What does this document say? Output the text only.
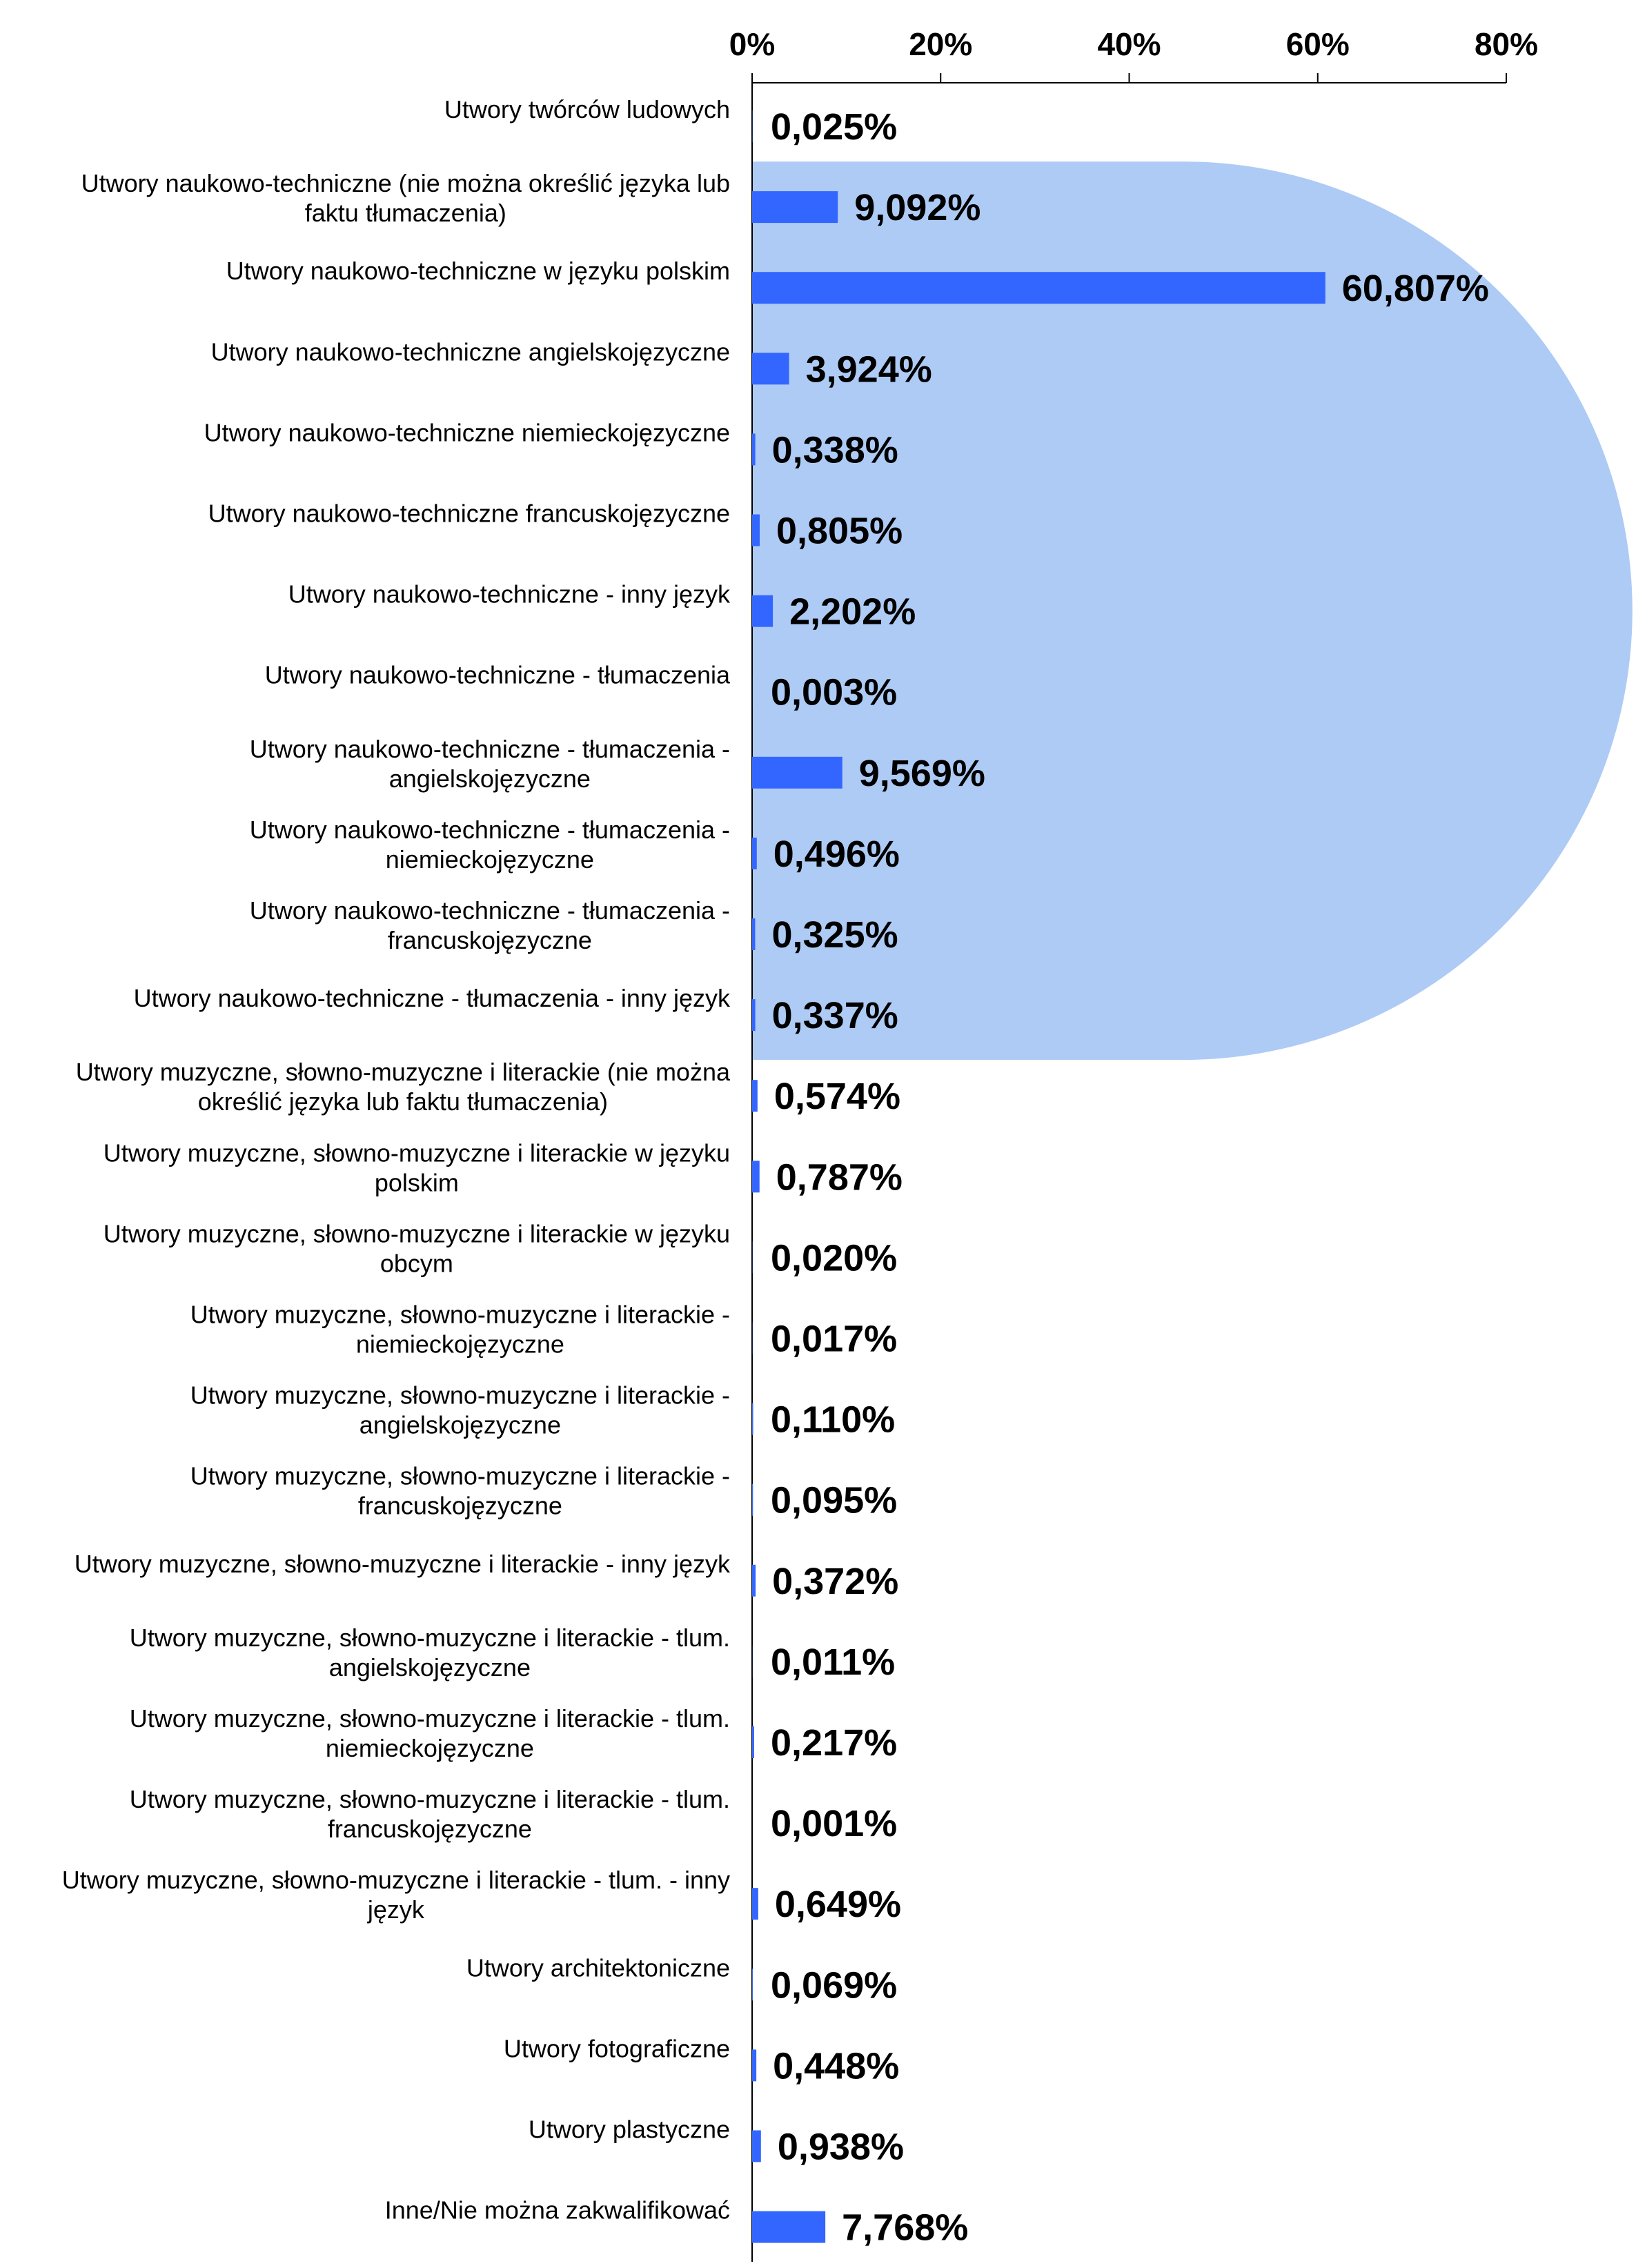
0%	20%	40%	60%	80%
Utwory twórców ludowych
Utwory naukowo-techniczne (nie można określić języka lub faktu tłumaczenia)
Utwory naukowo-techniczne w języku polskim
Utwory naukowo-techniczne angielskojęzyczne
Utwory naukowo-techniczne niemieckojęzyczne
Utwory naukowo-techniczne francuskojęzyczne
Utwory naukowo-techniczne - inny język
Utwory naukowo-techniczne - tłumaczenia
Utwory naukowo-techniczne - tłumaczenia -angielskojęzyczne
Utwory naukowo-techniczne - tłumaczenia -niemieckojęzyczne
Utwory naukowo-techniczne - tłumaczenia -francuskojęzyczne
Utwory naukowo-techniczne - tłumaczenia - inny język
Utwory muzyczne, słowno-muzyczne i literackie (nie można określić języka lub faktu tłumaczenia)
Utwory muzyczne, słowno-muzyczne i literackie w języku polskim
Utwory muzyczne, słowno-muzyczne i literackie w języku obcym
Utwory muzyczne, słowno-muzyczne i literackie -niemieckojęzyczne
Utwory muzyczne, słowno-muzyczne i literackie -angielskojęzyczne
Utwory muzyczne, słowno-muzyczne i literackie -francuskojęzyczne
Utwory muzyczne, słowno-muzyczne i literackie - inny język
Utwory muzyczne, słowno-muzyczne i literackie - tlum. angielskojęzyczne
Utwory muzyczne, słowno-muzyczne i literackie - tlum. niemieckojęzyczne
Utwory muzyczne, słowno-muzyczne i literackie - tlum. francuskojęzyczne
Utwory muzyczne, słowno-muzyczne i literackie - tlum. - inny język
Utwory architektoniczne
Utwory fotograficzne
Utwory plastyczne
Inne/Nie można zakwalifikować
0,025%
9,092%
60,807%
3,924%
0,338%
0,805%
2,202%
0,003%
9,569%
0,496%
0,325%
0,337%
0,574%
0,787%
0,020%
0,017%
0,110%
0,095%
0,372%
0,011%
0,217%
0,001%
0,649%
0,069%
0,448%
0,938%
7,768%
